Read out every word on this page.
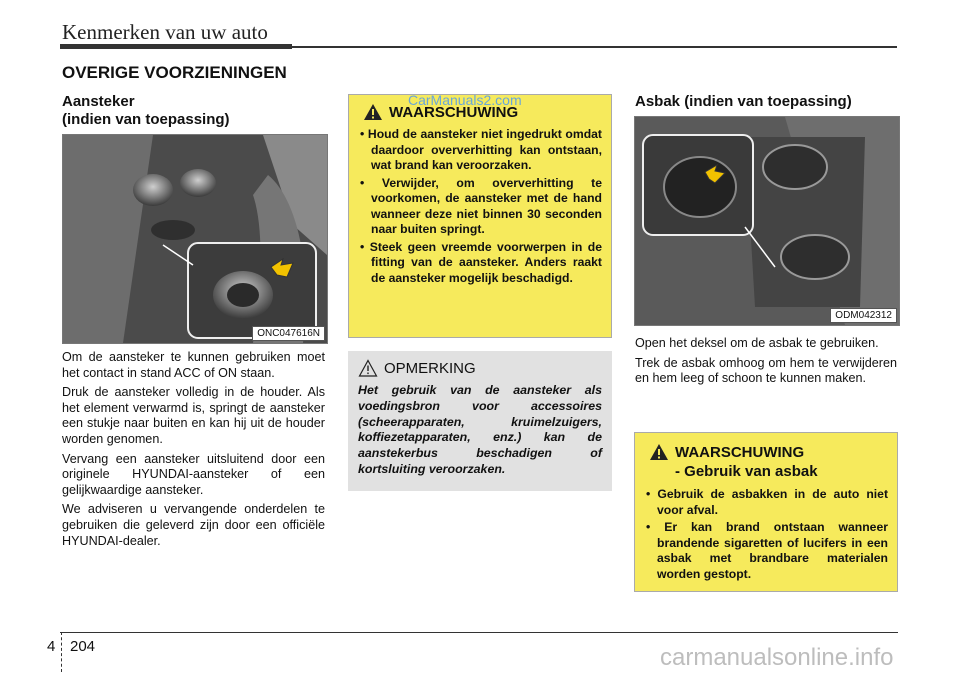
Kenmerken van uw auto
OVERIGE VOORZIENINGEN
Aansteker
(indien van toepassing)
ONC047616N

Om de aansteker te kunnen gebruiken moet het contact in stand ACC of ON staan.

Druk de aansteker volledig in de houder. Als het element verwarmd is, springt de aansteker een stukje naar buiten en kan hij uit de houder worden genomen.

Vervang een aansteker uitsluitend door een originele HYUNDAI-aansteker of een gelijkwaardige aansteker.

We adviseren u vervangende onderdelen te gebruiken die geleverd zijn door een officiële HYUNDAI-dealer.

WAARSCHUWING
• Houd de aansteker niet ingedrukt omdat daardoor oververhitting kan ontstaan, wat brand kan veroorzaken.
• Verwijder, om oververhitting te voorkomen, de aansteker met de hand wanneer deze niet binnen 30 seconden naar buiten springt.
• Steek geen vreemde voorwerpen in de fitting van de aansteker. Anders raakt de aansteker mogelijk beschadigd.
CarManuals2.com
OPMERKING
Het gebruik van de aansteker als voedingsbron voor accessoires (scheerapparaten, kruimelzuigers, koffiezetapparaten, enz.) kan de aanstekerbus beschadigen of kortsluiting veroorzaken.
Asbak (indien van toepassing)
ODM042312

Open het deksel om de asbak te gebruiken.

Trek de asbak omhoog om hem te verwijderen en hem leeg of schoon te kunnen maken.

WAARSCHUWING
- Gebruik van asbak
• Gebruik de asbakken in de auto niet voor afval.
• Er kan brand ontstaan wanneer brandende sigaretten of lucifers in een asbak met brandbare materialen worden gestopt.
4 204	carmanualsonline.info
